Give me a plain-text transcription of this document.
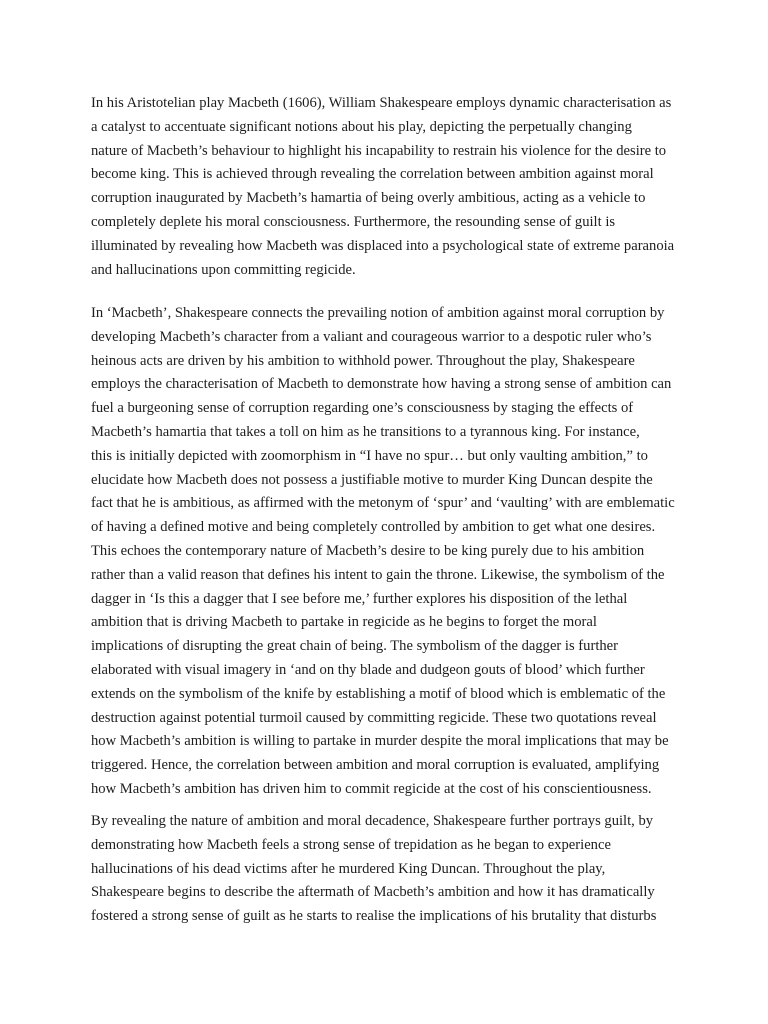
In his Aristotelian play Macbeth (1606), William Shakespeare employs dynamic characterisation as
a catalyst to accentuate significant notions about his play, depicting the perpetually changing
nature of Macbeth’s behaviour to highlight his incapability to restrain his violence for the desire to
become king. This is achieved through revealing the correlation between ambition against moral
corruption inaugurated by Macbeth’s hamartia of being overly ambitious, acting as a vehicle to
completely deplete his moral consciousness. Furthermore, the resounding sense of guilt is
illuminated by revealing how Macbeth was displaced into a psychological state of extreme paranoia
and hallucinations upon committing regicide.
In ‘Macbeth’, Shakespeare connects the prevailing notion of ambition against moral corruption by
developing Macbeth’s character from a valiant and courageous warrior to a despotic ruler who’s
heinous acts are driven by his ambition to withhold power. Throughout the play, Shakespeare
employs the characterisation of Macbeth to demonstrate how having a strong sense of ambition can
fuel a burgeoning sense of corruption regarding one’s consciousness by staging the effects of
Macbeth’s hamartia that takes a toll on him as he transitions to a tyrannous king. For instance,
this is initially depicted with zoomorphism in “I have no spur… but only vaulting ambition,” to
elucidate how Macbeth does not possess a justifiable motive to murder King Duncan despite the
fact that he is ambitious, as affirmed with the metonym of ‘spur’ and ‘vaulting’ with are emblematic
of having a defined motive and being completely controlled by ambition to get what one desires.
This echoes the contemporary nature of Macbeth’s desire to be king purely due to his ambition
rather than a valid reason that defines his intent to gain the throne. Likewise, the symbolism of the
dagger in ‘Is this a dagger that I see before me,’ further explores his disposition of the lethal
ambition that is driving Macbeth to partake in regicide as he begins to forget the moral
implications of disrupting the great chain of being. The symbolism of the dagger is further
elaborated with visual imagery in ‘and on thy blade and dudgeon gouts of blood’ which further
extends on the symbolism of the knife by establishing a motif of blood which is emblematic of the
destruction against potential turmoil caused by committing regicide. These two quotations reveal
how Macbeth’s ambition is willing to partake in murder despite the moral implications that may be
triggered. Hence, the correlation between ambition and moral corruption is evaluated, amplifying
how Macbeth’s ambition has driven him to commit regicide at the cost of his conscientiousness.
By revealing the nature of ambition and moral decadence, Shakespeare further portrays guilt, by
demonstrating how Macbeth feels a strong sense of trepidation as he began to experience
hallucinations of his dead victims after he murdered King Duncan. Throughout the play,
Shakespeare begins to describe the aftermath of Macbeth’s ambition and how it has dramatically
fostered a strong sense of guilt as he starts to realise the implications of his brutality that disturbs
